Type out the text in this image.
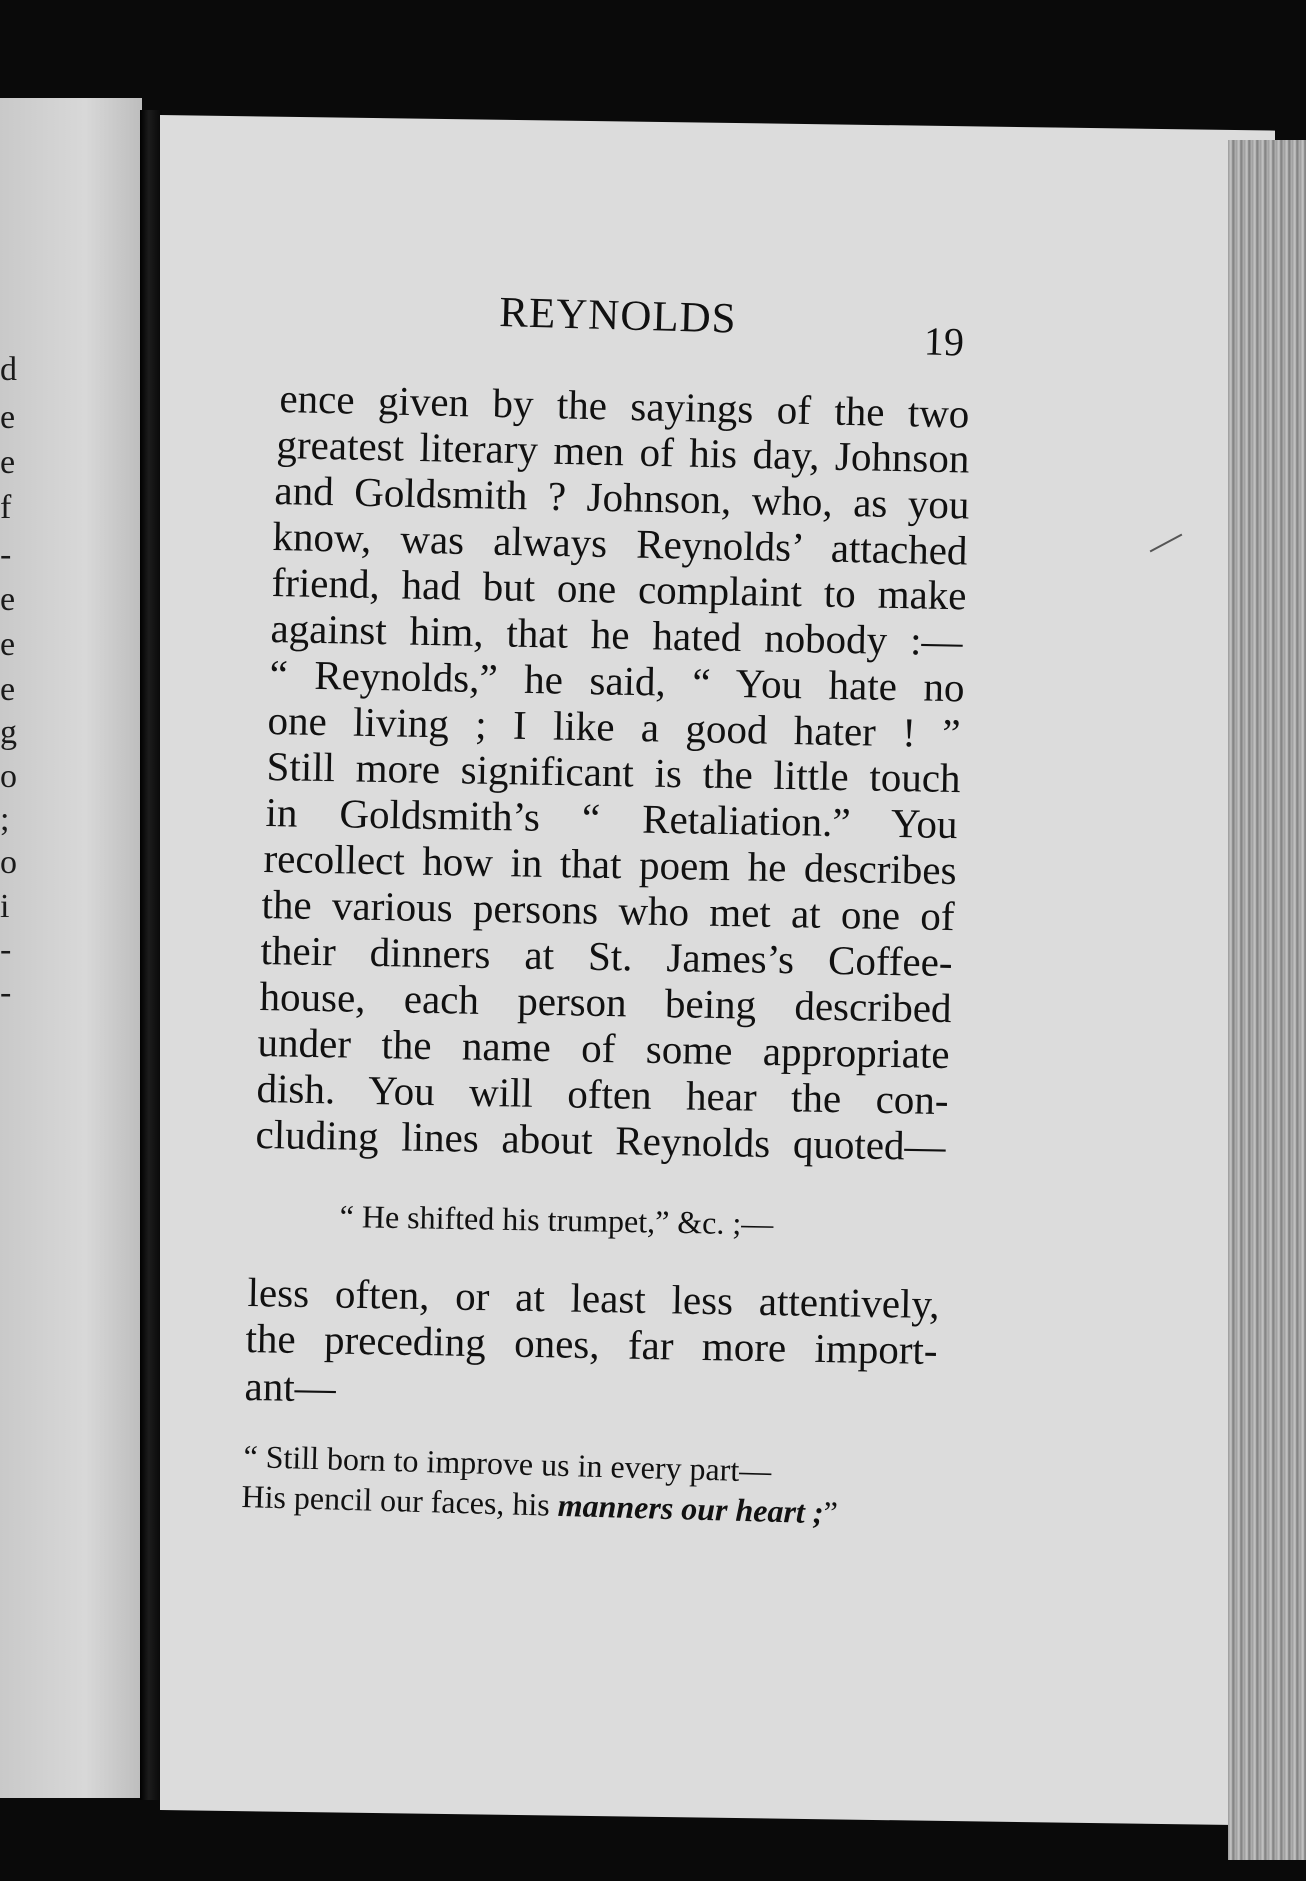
d
e
e
f
-
e
e
e
g
o
;
o
i
-
-
REYNOLDS	19
ence given by the sayings of the two
greatest literary men of his day, Johnson
and Goldsmith ? Johnson, who, as you
know, was always Reynolds’ attached
friend, had but one complaint to make
against him, that he hated nobody :—
“ Reynolds,” he said, “ You hate no
one living ; I like a good hater ! ”
Still more significant is the little touch
in Goldsmith’s “ Retaliation.” You
recollect how in that poem he describes
the various persons who met at one of
their dinners at St. James’s Coffee-
house, each person being described
under the name of some appropriate
dish. You will often hear the con-
cluding lines about Reynolds quoted—
“ He shifted his trumpet,” &c. ;—
less often, or at least less attentively,
the preceding ones, far more import-
ant—
“ Still born to improve us in every part—
His pencil our faces, his manners our heart ;”
